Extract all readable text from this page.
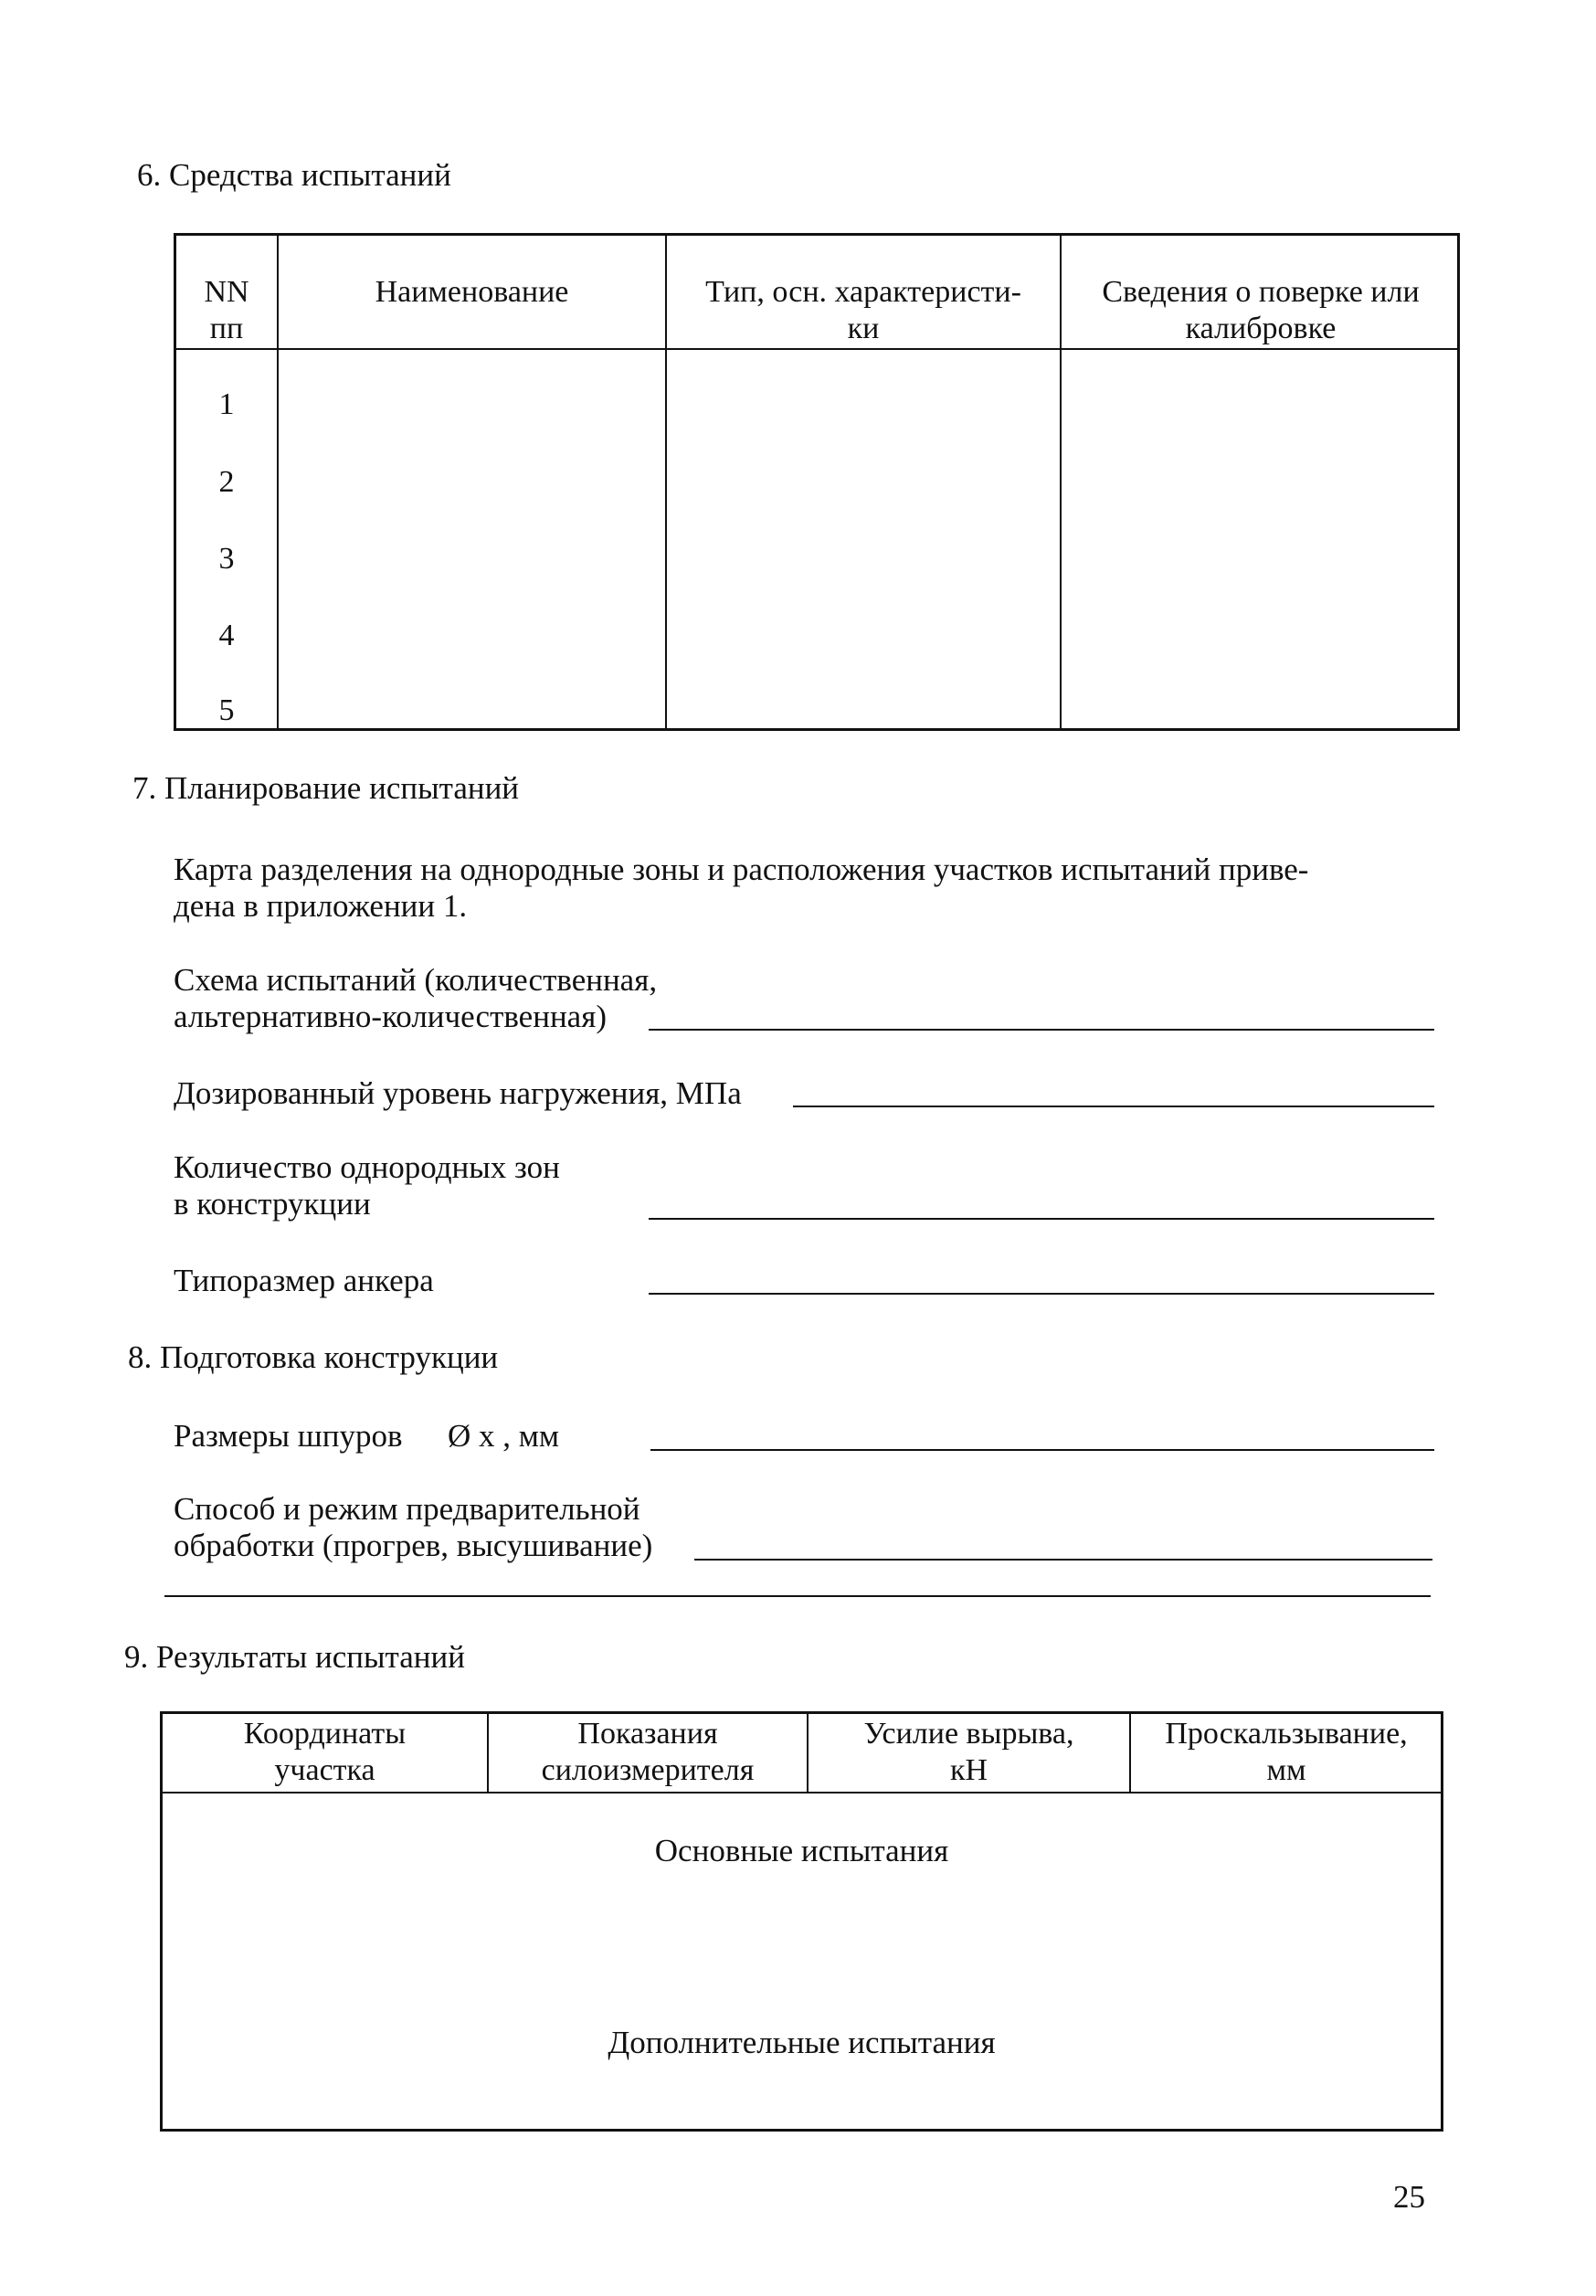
6. Средства испытаний
NN
пп
Наименование	Тип, осн. характеристи-
ки
Сведения о поверке или
калибровке
1
2
3
4
5
7. Планирование испытаний
Карта разделения на однородные зоны и расположения участков испытаний приве-
дена в приложении 1.
Схема испытаний (количественная,
альтернативно-количественная)
Дозированный уровень нагружения, МПа
Количество однородных зон
в конструкции
Типоразмер анкера
8. Подготовка конструкции
Размеры шпуров Ø х , мм
Способ и режим предварительной
обработки (прогрев, высушивание)
9. Результаты испытаний
Координаты
участка
Показания
силоизмерителя
Усилие вырыва,
кН
Проскальзывание,
мм
Основные испытания
Дополнительные испытания
25
